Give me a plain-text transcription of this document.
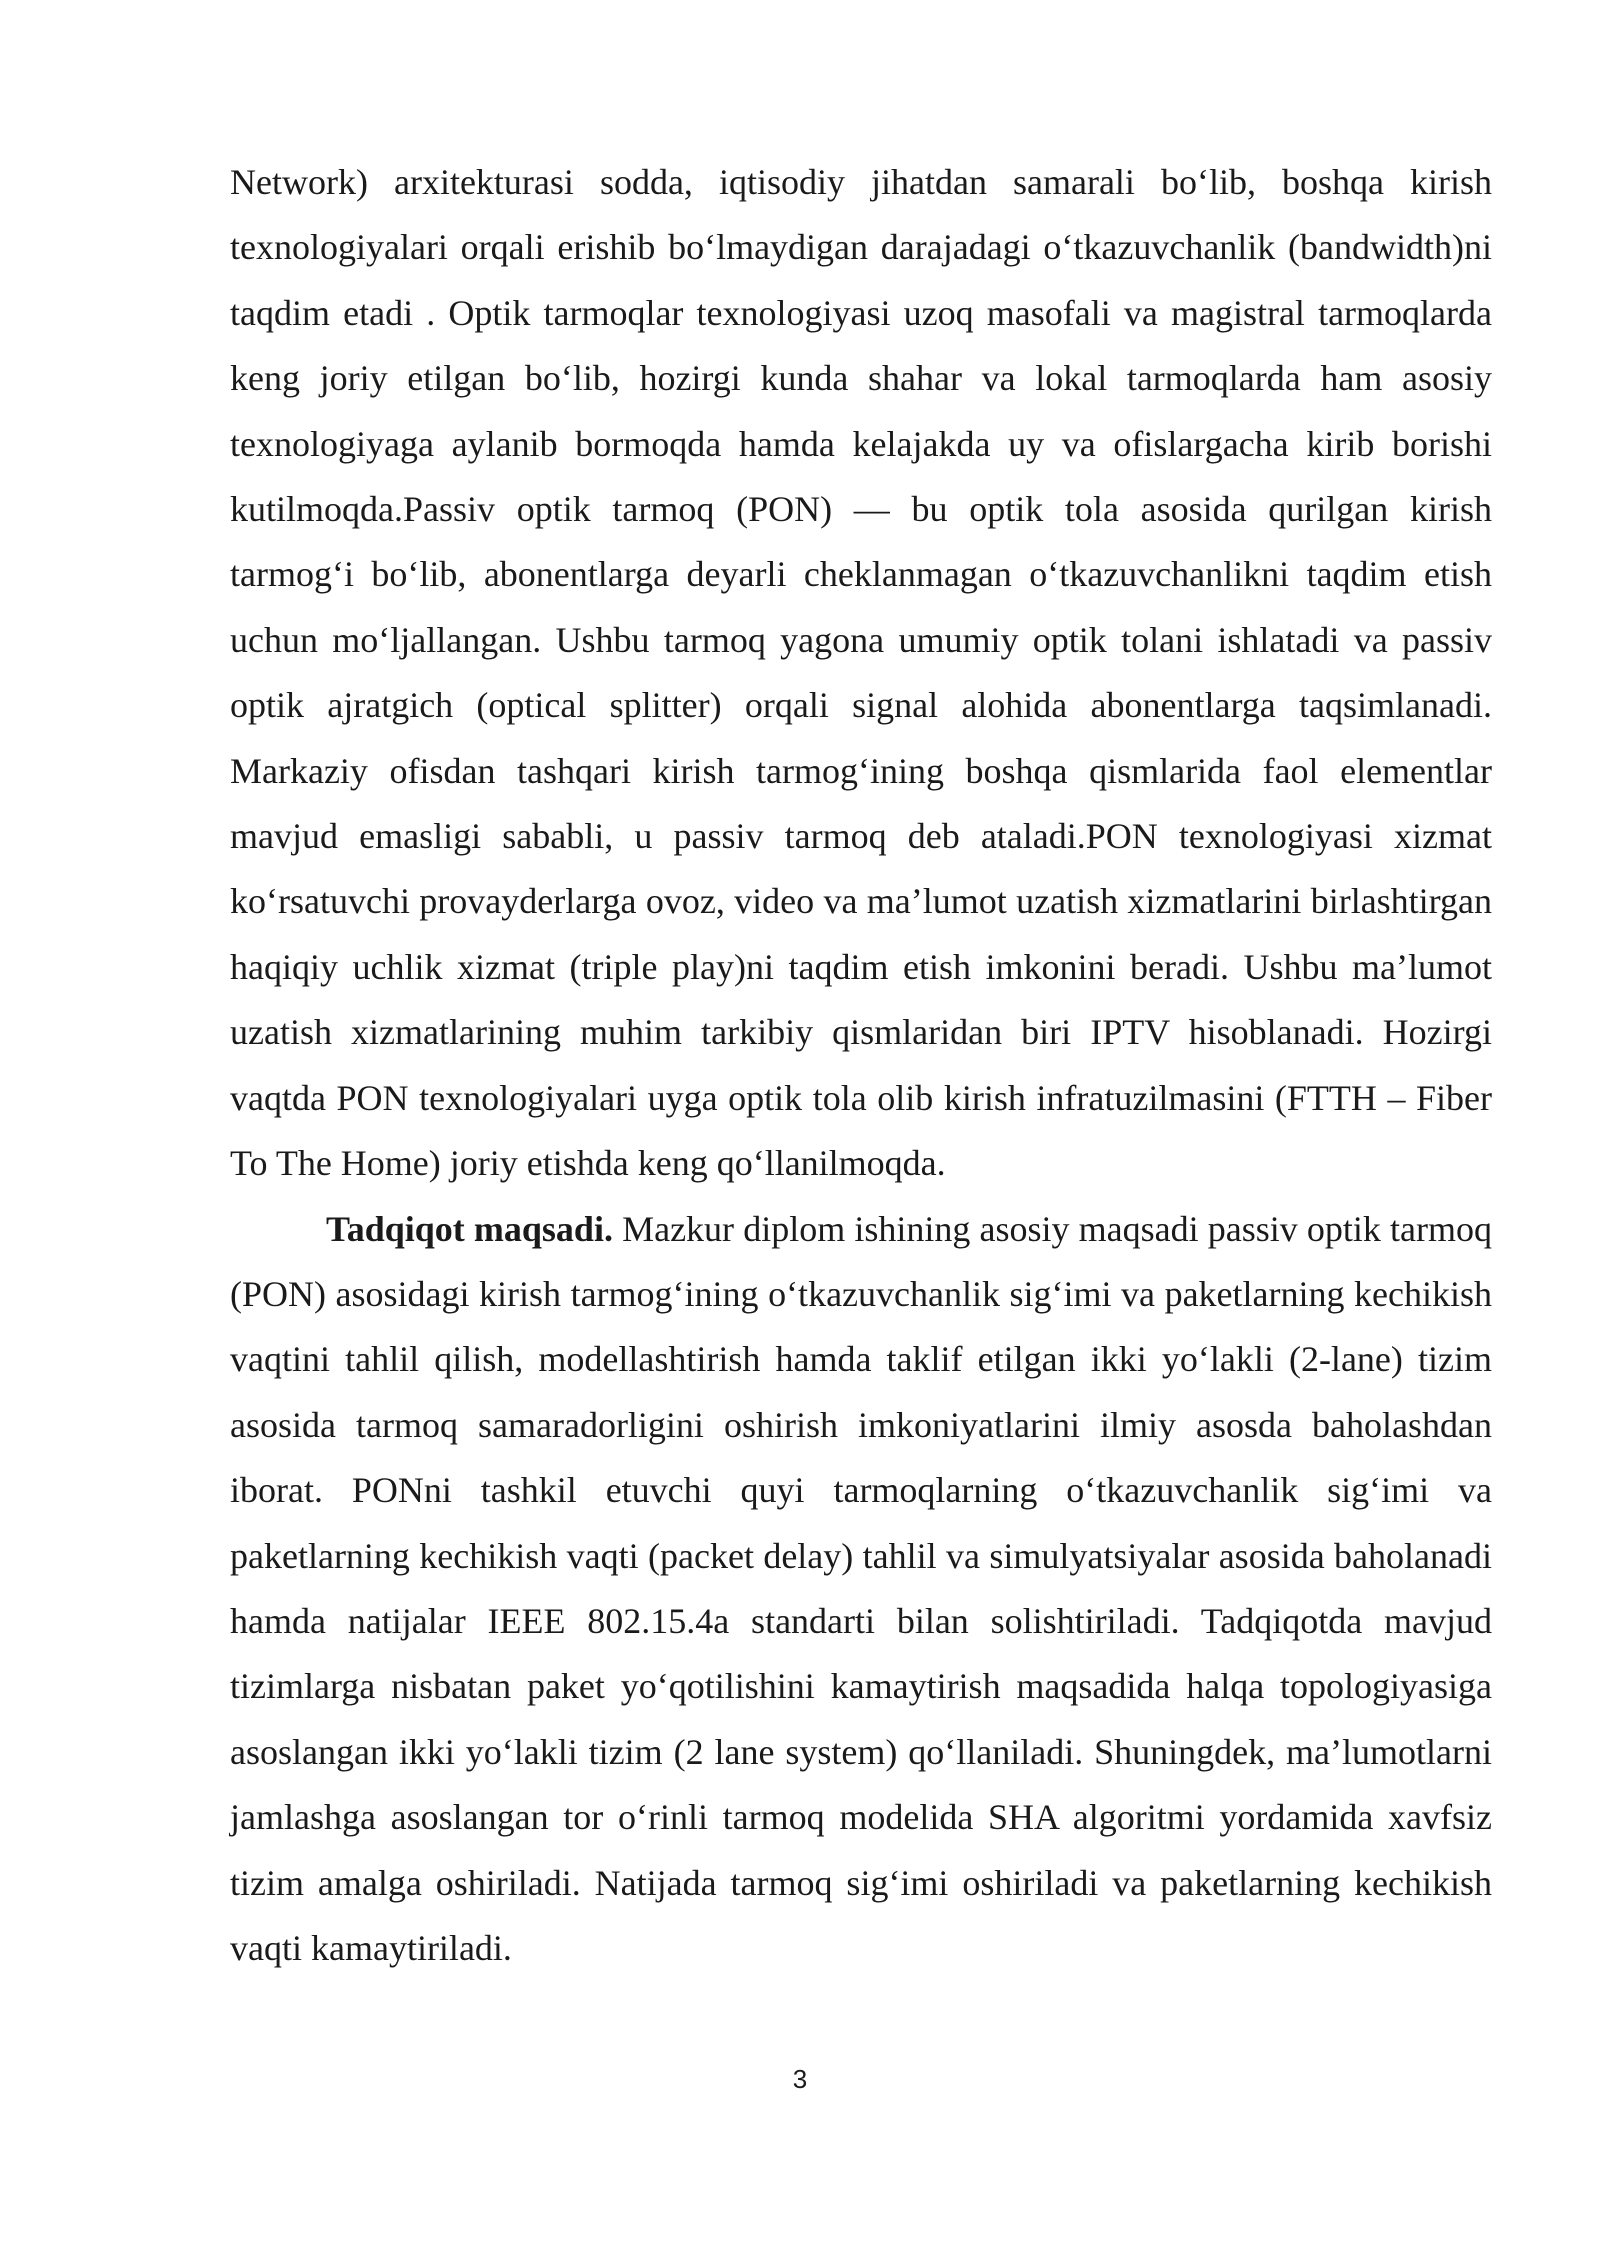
Network) arxitekturasi sodda, iqtisodiy jihatdan samarali bo‘lib, boshqa kirish texnologiyalari orqali erishib bo‘lmaydigan darajadagi o‘tkazuvchanlik (bandwidth)ni taqdim etadi . Optik tarmoqlar texnologiyasi uzoq masofali va magistral tarmoqlarda keng joriy etilgan bo‘lib, hozirgi kunda shahar va lokal tarmoqlarda ham asosiy texnologiyaga aylanib bormoqda hamda kelajakda uy va ofislargacha kirib borishi kutilmoqda.Passiv optik tarmoq (PON) — bu optik tola asosida qurilgan kirish tarmog‘i bo‘lib, abonentlarga deyarli cheklanmagan o‘tkazuvchanlikni taqdim etish uchun mo‘ljallangan. Ushbu tarmoq yagona umumiy optik tolani ishlatadi va passiv optik ajratgich (optical splitter) orqali signal alohida abonentlarga taqsimlanadi. Markaziy ofisdan tashqari kirish tarmog‘ining boshqa qismlarida faol elementlar mavjud emasligi sababli, u passiv tarmoq deb ataladi.PON texnologiyasi xizmat ko‘rsatuvchi provayderlarga ovoz, video va ma’lumot uzatish xizmatlarini birlashtirgan haqiqiy uchlik xizmat (triple play)ni taqdim etish imkonini beradi. Ushbu ma’lumot uzatish xizmatlarining muhim tarkibiy qismlaridan biri IPTV hisoblanadi. Hozirgi vaqtda PON texnologiyalari uyga optik tola olib kirish infratuzilmasini (FTTH – Fiber To The Home) joriy etishda keng qo‘llanilmoqda.

Tadqiqot maqsadi. Mazkur diplom ishining asosiy maqsadi passiv optik tarmoq (PON) asosidagi kirish tarmog‘ining o‘tkazuvchanlik sig‘imi va paketlarning kechikish vaqtini tahlil qilish, modellashtirish hamda taklif etilgan ikki yo‘lakli (2-lane) tizim asosida tarmoq samaradorligini oshirish imkoniyatlarini ilmiy asosda baholashdan iborat. PONni tashkil etuvchi quyi tarmoqlarning o‘tkazuvchanlik sig‘imi va paketlarning kechikish vaqti (packet delay) tahlil va simulyatsiyalar asosida baholanadi hamda natijalar IEEE 802.15.4a standarti bilan solishtiriladi. Tadqiqotda mavjud tizimlarga nisbatan paket yo‘qotilishini kamaytirish maqsadida halqa topologiyasiga asoslangan ikki yo‘lakli tizim (2 lane system) qo‘llaniladi. Shuningdek, ma’lumotlarni jamlashga asoslangan tor o‘rinli tarmoq modelida SHA algoritmi yordamida xavfsiz tizim amalga oshiriladi. Natijada tarmoq sig‘imi oshiriladi va paketlarning kechikish vaqti kamaytiriladi.

3
